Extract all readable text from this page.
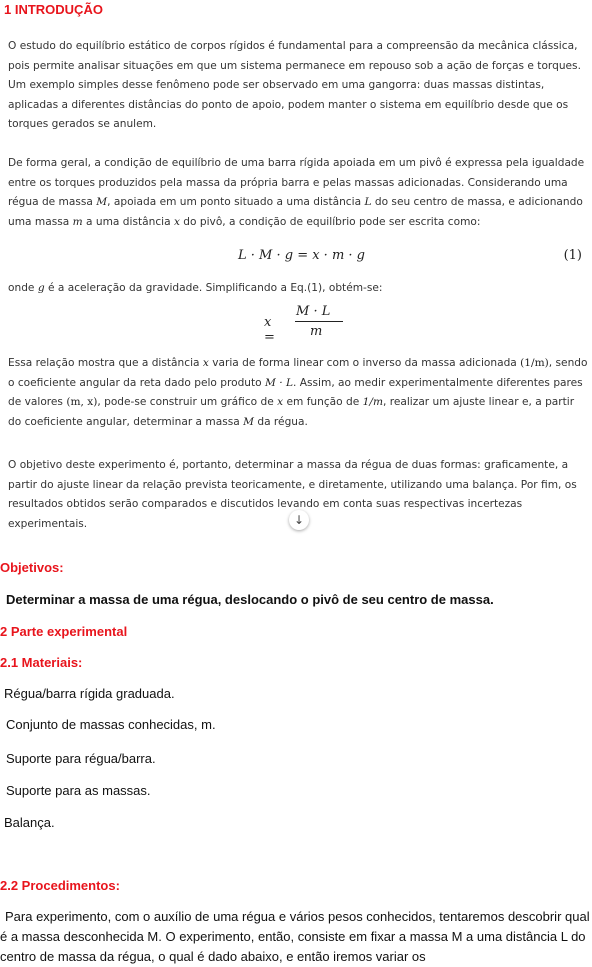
1 INTRODUÇÃO

O estudo do equilíbrio estático de corpos rígidos é fundamental para a compreensão da mecânica clássica, pois permite analisar situações em que um sistema permanece em repouso sob a ação de forças e torques. Um exemplo simples desse fenômeno pode ser observado em uma gangorra: duas massas distintas, aplicadas a diferentes distâncias do ponto de apoio, podem manter o sistema em equilíbrio desde que os torques gerados se anulem.

De forma geral, a condição de equilíbrio de uma barra rígida apoiada em um pivô é expressa pela igualdade entre os torques produzidos pela massa da própria barra e pelas massas adicionadas. Considerando uma régua de massa M, apoiada em um ponto situado a uma distância L do seu centro de massa, e adicionando uma massa m a uma distância x do pivô, a condição de equilíbrio pode ser escrita como:

L · M · g = x · m · g	(1)

onde g é a aceleração da gravidade. Simplificando a Eq.(1), obtém-se:

x =
M · L
m

Essa relação mostra que a distância x varia de forma linear com o inverso da massa adicionada (1/m), sendo o coeficiente angular da reta dado pelo produto M · L. Assim, ao medir experimentalmente diferentes pares de valores (m, x), pode-se construir um gráfico de x em função de 1/m, realizar um ajuste linear e, a partir do coeficiente angular, determinar a massa M da régua.

O objetivo deste experimento é, portanto, determinar a massa da régua de duas formas: graficamente, a partir do ajuste linear da relação prevista teoricamente, e diretamente, utilizando uma balança. Por fim, os resultados obtidos serão comparados e discutidos levando em conta suas respectivas incertezas experimentais.	↓
Objetivos:

Determinar a massa de uma régua, deslocando o pivô de seu centro de massa.

2 Parte experimental
2.1 Materiais:

Régua/barra rígida graduada.

Conjunto de massas conhecidas, m.

Suporte para régua/barra.

Suporte para as massas.

Balança.

2.2 Procedimentos:

Para experimento, com o auxílio de uma régua e vários pesos conhecidos, tentaremos descobrir qual é a massa desconhecida M. O experimento, então, consiste em fixar a massa M a uma distância L do centro de massa da régua, o qual é dado abaixo, e então iremos variar os
